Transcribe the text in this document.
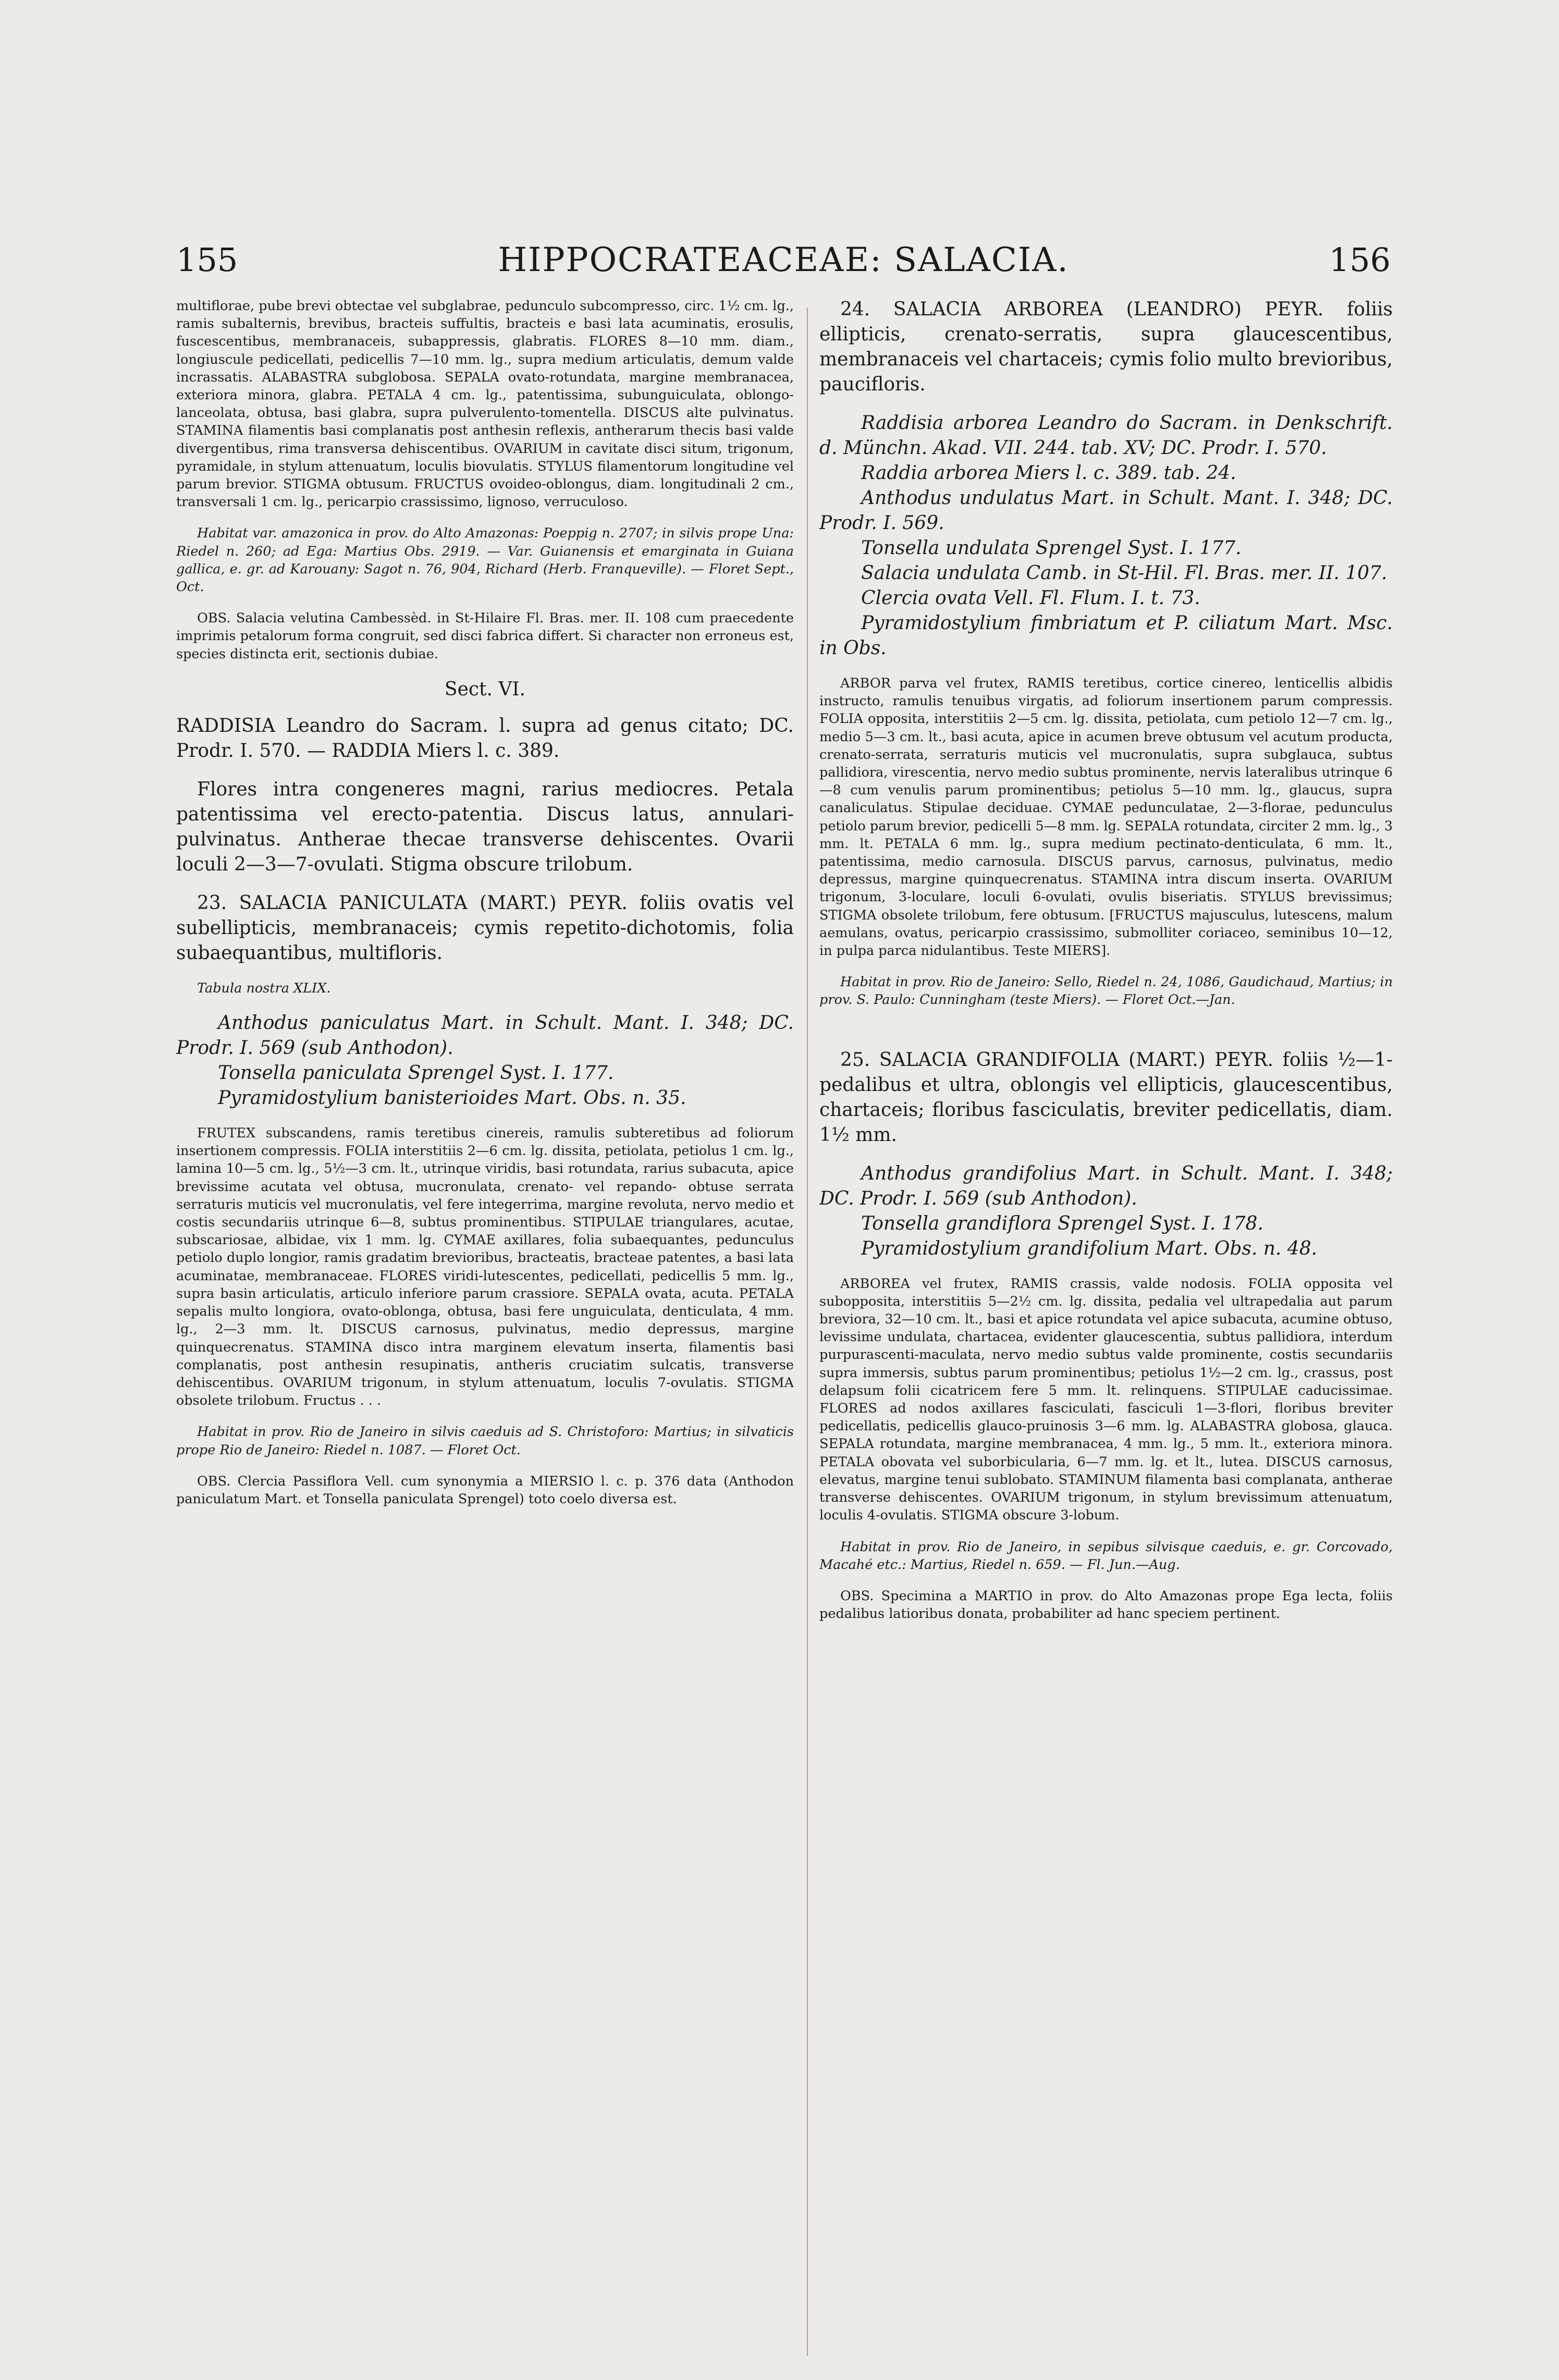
155	HIPPOCRATEACEAE: SALACIA.	156

multiflorae, pube brevi obtectae vel subglabrae, pedunculo subcompresso, circ. 1½ cm. lg., ramis subalternis, brevibus, bracteis suffultis, bracteis e basi lata acuminatis, erosulis, fuscescentibus, membranaceis, subappressis, glabratis. FLORES 8—10 mm. diam., longiuscule pedicellati, pedicellis 7—10 mm. lg., supra medium articulatis, demum valde incrassatis. ALABASTRA subglobosa. SEPALA ovato-rotundata, margine membranacea, exteriora minora, glabra. PETALA 4 cm. lg., patentissima, subunguiculata, oblongo-lanceolata, obtusa, basi glabra, supra pulverulento-tomentella. DISCUS alte pulvinatus. STAMINA filamentis basi complanatis post anthesin reflexis, antherarum thecis basi valde divergentibus, rima transversa dehiscentibus. OVARIUM in cavitate disci situm, trigonum, pyramidale, in stylum attenuatum, loculis biovulatis. STYLUS filamentorum longitudine vel parum brevior. STIGMA obtusum. FRUCTUS ovoideo-oblongus, diam. longitudinali 2 cm., transversali 1 cm. lg., pericarpio crassissimo, lignoso, verruculoso.

Habitat var. amazonica in prov. do Alto Amazonas: Poeppig n. 2707; in silvis prope Una: Riedel n. 260; ad Ega: Martius Obs. 2919. — Var. Guianensis et emarginata in Guiana gallica, e. gr. ad Karouany: Sagot n. 76, 904, Richard (Herb. Franqueville). — Floret Sept., Oct.

OBS. Salacia velutina Cambessèd. in St-Hilaire Fl. Bras. mer. II. 108 cum praecedente imprimis petalorum forma congruit, sed disci fabrica differt. Si character non erroneus est, species distincta erit, sectionis dubiae.

Sect. VI.

RADDISIA Leandro do Sacram. l. supra ad genus citato; DC. Prodr. I. 570. — RADDIA Miers l. c. 389.

Flores intra congeneres magni, rarius mediocres. Petala patentissima vel erecto-patentia. Discus latus, annulari-pulvinatus. Antherae thecae transverse dehiscentes. Ovarii loculi 2—3—7-ovulati. Stigma obscure trilobum.

23. SALACIA PANICULATA (MART.) PEYR. foliis ovatis vel subellipticis, membranaceis; cymis repetito-dichotomis, folia subaequantibus, multifloris.

Tabula nostra XLIX.

Anthodus paniculatus Mart. in Schult. Mant. I. 348; DC. Prodr. I. 569 (sub Anthodon).

Tonsella paniculata Sprengel Syst. I. 177.

Pyramidostylium banisterioides Mart. Obs. n. 35.

FRUTEX subscandens, ramis teretibus cinereis, ramulis subteretibus ad foliorum insertionem compressis. FOLIA interstitiis 2—6 cm. lg. dissita, petiolata, petiolus 1 cm. lg., lamina 10—5 cm. lg., 5½—3 cm. lt., utrinque viridis, basi rotundata, rarius subacuta, apice brevissime acutata vel obtusa, mucronulata, crenato- vel repando- obtuse serrata serraturis muticis vel mucronulatis, vel fere integerrima, margine revoluta, nervo medio et costis secundariis utrinque 6—8, subtus prominentibus. STIPULAE triangulares, acutae, subscariosae, albidae, vix 1 mm. lg. CYMAE axillares, folia subaequantes, pedunculus petiolo duplo longior, ramis gradatim brevioribus, bracteatis, bracteae patentes, a basi lata acuminatae, membranaceae. FLORES viridi-lutescentes, pedicellati, pedicellis 5 mm. lg., supra basin articulatis, articulo inferiore parum crassiore. SEPALA ovata, acuta. PETALA sepalis multo longiora, ovato-oblonga, obtusa, basi fere unguiculata, denticulata, 4 mm. lg., 2—3 mm. lt. DISCUS carnosus, pulvinatus, medio depressus, margine quinquecrenatus. STAMINA disco intra marginem elevatum inserta, filamentis basi complanatis, post anthesin resupinatis, antheris cruciatim sulcatis, transverse dehiscentibus. OVARIUM trigonum, in stylum attenuatum, loculis 7-ovulatis. STIGMA obsolete trilobum. Fructus . . .

Habitat in prov. Rio de Janeiro in silvis caeduis ad S. Christoforo: Martius; in silvaticis prope Rio de Janeiro: Riedel n. 1087. — Floret Oct.

OBS. Clercia Passiflora Vell. cum synonymia a MIERSIO l. c. p. 376 data (Anthodon paniculatum Mart. et Tonsella paniculata Sprengel) toto coelo diversa est.

24. SALACIA ARBOREA (LEANDRO) PEYR. foliis ellipticis, crenato-serratis, supra glaucescentibus, membranaceis vel chartaceis; cymis folio multo brevioribus, paucifloris.

Raddisia arborea Leandro do Sacram. in Denkschrift. d. Münchn. Akad. VII. 244. tab. XV; DC. Prodr. I. 570.

Raddia arborea Miers l. c. 389. tab. 24.

Anthodus undulatus Mart. in Schult. Mant. I. 348; DC. Prodr. I. 569.

Tonsella undulata Sprengel Syst. I. 177.

Salacia undulata Camb. in St-Hil. Fl. Bras. mer. II. 107.

Clercia ovata Vell. Fl. Flum. I. t. 73.

Pyramidostylium fimbriatum et P. ciliatum Mart. Msc. in Obs.

ARBOR parva vel frutex, RAMIS teretibus, cortice cinereo, lenticellis albidis instructo, ramulis tenuibus virgatis, ad foliorum insertionem parum compressis. FOLIA opposita, interstitiis 2—5 cm. lg. dissita, petiolata, cum petiolo 12—7 cm. lg., medio 5—3 cm. lt., basi acuta, apice in acumen breve obtusum vel acutum producta, crenato-serrata, serraturis muticis vel mucronulatis, supra subglauca, subtus pallidiora, virescentia, nervo medio subtus prominente, nervis lateralibus utrinque 6—8 cum venulis parum prominentibus; petiolus 5—10 mm. lg., glaucus, supra canaliculatus. Stipulae deciduae. CYMAE pedunculatae, 2—3-florae, pedunculus petiolo parum brevior, pedicelli 5—8 mm. lg. SEPALA rotundata, circiter 2 mm. lg., 3 mm. lt. PETALA 6 mm. lg., supra medium pectinato-denticulata, 6 mm. lt., patentissima, medio carnosula. DISCUS parvus, carnosus, pulvinatus, medio depressus, margine quinquecrenatus. STAMINA intra discum inserta. OVARIUM trigonum, 3-loculare, loculi 6-ovulati, ovulis biseriatis. STYLUS brevissimus; STIGMA obsolete trilobum, fere obtusum. [FRUCTUS majusculus, lutescens, malum aemulans, ovatus, pericarpio crassissimo, submolliter coriaceo, seminibus 10—12, in pulpa parca nidulantibus. Teste MIERS].

Habitat in prov. Rio de Janeiro: Sello, Riedel n. 24, 1086, Gaudichaud, Martius; in prov. S. Paulo: Cunningham (teste Miers). — Floret Oct.—Jan.

25. SALACIA GRANDIFOLIA (MART.) PEYR. foliis ½—1-pedalibus et ultra, oblongis vel ellipticis, glaucescentibus, chartaceis; floribus fasciculatis, breviter pedicellatis, diam. 1½ mm.

Anthodus grandifolius Mart. in Schult. Mant. I. 348; DC. Prodr. I. 569 (sub Anthodon).

Tonsella grandiflora Sprengel Syst. I. 178.

Pyramidostylium grandifolium Mart. Obs. n. 48.

ARBOREA vel frutex, RAMIS crassis, valde nodosis. FOLIA opposita vel subopposita, interstitiis 5—2½ cm. lg. dissita, pedalia vel ultrapedalia aut parum breviora, 32—10 cm. lt., basi et apice rotundata vel apice subacuta, acumine obtuso, levissime undulata, chartacea, evidenter glaucescentia, subtus pallidiora, interdum purpurascenti-maculata, nervo medio subtus valde prominente, costis secundariis supra immersis, subtus parum prominentibus; petiolus 1½—2 cm. lg., crassus, post delapsum folii cicatricem fere 5 mm. lt. relinquens. STIPULAE caducissimae. FLORES ad nodos axillares fasciculati, fasciculi 1—3-flori, floribus breviter pedicellatis, pedicellis glauco-pruinosis 3—6 mm. lg. ALABASTRA globosa, glauca. SEPALA rotundata, margine membranacea, 4 mm. lg., 5 mm. lt., exteriora minora. PETALA obovata vel suborbicularia, 6—7 mm. lg. et lt., lutea. DISCUS carnosus, elevatus, margine tenui sublobato. STAMINUM filamenta basi complanata, antherae transverse dehiscentes. OVARIUM trigonum, in stylum brevissimum attenuatum, loculis 4-ovulatis. STIGMA obscure 3-lobum.

Habitat in prov. Rio de Janeiro, in sepibus silvisque caeduis, e. gr. Corcovado, Macahé etc.: Martius, Riedel n. 659. — Fl. Jun.—Aug.

OBS. Specimina a MARTIO in prov. do Alto Amazonas prope Ega lecta, foliis pedalibus latioribus donata, probabiliter ad hanc speciem pertinent.
